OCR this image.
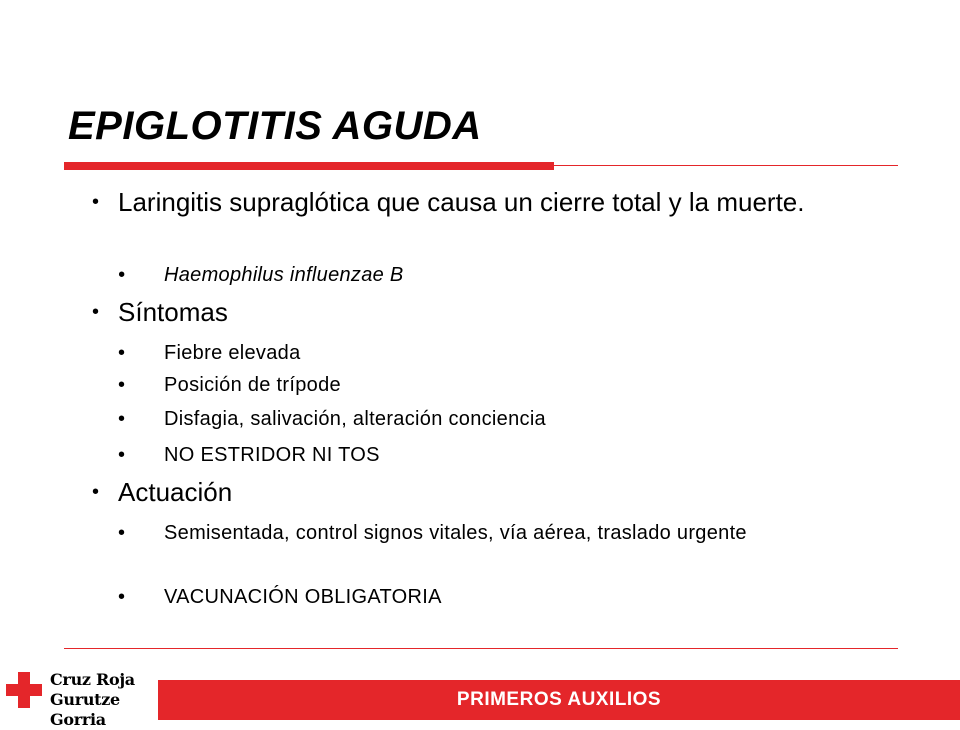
EPIGLOTITIS AGUDA
• Laringitis supraglótica que causa un cierre total y la muerte.
• Haemophilus influenzae B
• Síntomas
• Fiebre elevada
• Posición de trípode
• Disfagia, salivación, alteración conciencia
• NO ESTRIDOR NI TOS
• Actuación
• Semisentada, control signos vitales, vía aérea, traslado urgente
• VACUNACIÓN OBLIGATORIA
Cruz Roja
Gurutze Gorria
PRIMEROS AUXILIOS
